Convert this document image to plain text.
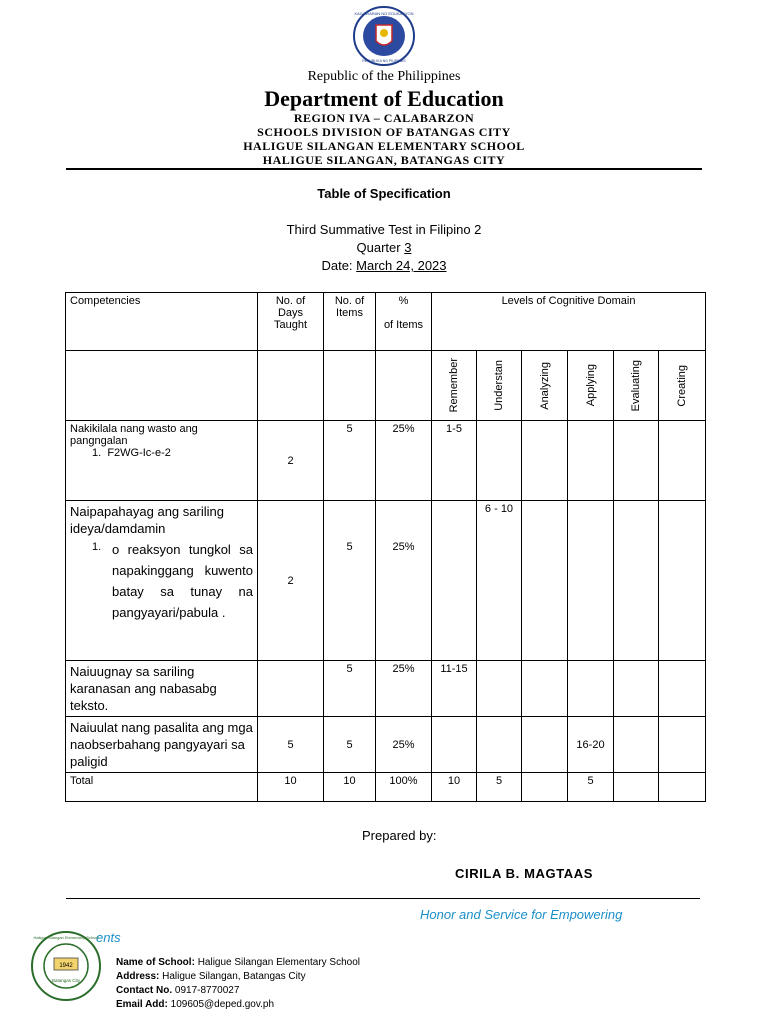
KAGAWARAN NG EDUKASYON
REPUBLIKA NG PILIPINAS
Republic of the Philippines
Department of Education
REGION IVA – CALABARZON
SCHOOLS DIVISION OF BATANGAS CITY
HALIGUE SILANGAN ELEMENTARY SCHOOL
HALIGUE SILANGAN, BATANGAS CITY
Table of Specification
Third Summative Test in Filipino 2
Quarter 3
Date: March 24, 2023
Competencies	No. of Days Taught	No. of Items	%
of Items	Levels of Cognitive Domain					

				Remember	Understan	Analyzing	Applying	Evaluating	Creating

Nakikilala nang wasto ang pangngalan
1. F2WG-Ic-e-2	2	5	25%	1-5					

Naipapahayag ang sariling ideya/damdamin
1. o reaksyon tungkol sa napakinggang kuwento batay sa tunay na pangyayari/pabula .	2	5	25%		6 - 10				
Naiuugnay sa sariling karanasan ang nabasabg teksto.		5	25%	11-15					
Naiuulat nang pasalita ang mga naobserbahang pangyayari sa paligid	5	5	25%				16-20		
Total	10	10	100%	10	5		5		
Prepared by:
CIRILA B. MAGTAAS
Honor and Service for Empowering
ents
1942
Haligue Silangan Elementary School
Batangas City
Name of School: Haligue Silangan Elementary School
Address: Haligue Silangan, Batangas City
Contact No. 0917-8770027
Email Add: 109605@deped.gov.ph
